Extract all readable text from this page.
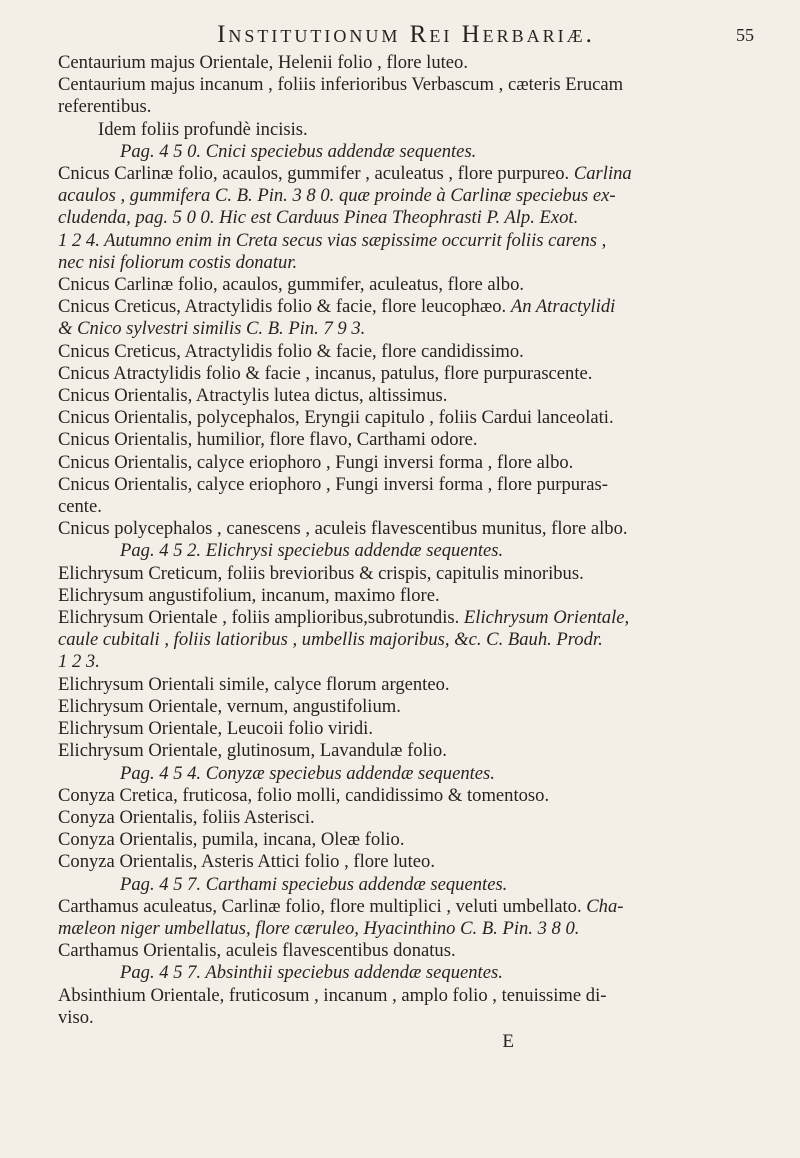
Institutionum Rei Herbariæ.	55
Centaurium majus Orientale, Helenii folio , flore luteo.
Centaurium majus incanum , foliis inferioribus Verbascum , cæteris Erucam
referentibus.
Idem foliis profundè incisis.
Pag. 4 5 0. Cnici speciebus addendæ sequentes.
Cnicus Carlinæ folio, acaulos, gummifer , aculeatus , flore purpureo. Carlina
acaulos , gummifera C. B. Pin. 3 8 0. quæ proinde à Carlinæ speciebus ex-
cludenda, pag. 5 0 0. Hic est Carduus Pinea Theophrasti P. Alp. Exot.
1 2 4. Autumno enim in Creta secus vias sæpissime occurrit foliis carens ,
nec nisi foliorum costis donatur.
Cnicus Carlinæ folio, acaulos, gummifer, aculeatus, flore albo.
Cnicus Creticus, Atractylidis folio & facie, flore leucophæo. An Atractylidi
& Cnico sylvestri similis C. B. Pin. 7 9 3.
Cnicus Creticus, Atractylidis folio & facie, flore candidissimo.
Cnicus Atractylidis folio & facie , incanus, patulus, flore purpurascente.
Cnicus Orientalis, Atractylis lutea dictus, altissimus.
Cnicus Orientalis, polycephalos, Eryngii capitulo , foliis Cardui lanceolati.
Cnicus Orientalis, humilior, flore flavo, Carthami odore.
Cnicus Orientalis, calyce eriophoro , Fungi inversi forma , flore albo.
Cnicus Orientalis, calyce eriophoro , Fungi inversi forma , flore purpuras-
cente.
Cnicus polycephalos , canescens , aculeis flavescentibus munitus, flore albo.
Pag. 4 5 2. Elichrysi speciebus addendæ sequentes.
Elichrysum Creticum, foliis brevioribus & crispis, capitulis minoribus.
Elichrysum angustifolium, incanum, maximo flore.
Elichrysum Orientale , foliis amplioribus,subrotundis. Elichrysum Orientale,
caule cubitali , foliis latioribus , umbellis majoribus, &c. C. Bauh. Prodr.
1 2 3.
Elichrysum Orientali simile, calyce florum argenteo.
Elichrysum Orientale, vernum, angustifolium.
Elichrysum Orientale, Leucoii folio viridi.
Elichrysum Orientale, glutinosum, Lavandulæ folio.
Pag. 4 5 4. Conyzæ speciebus addendæ sequentes.
Conyza Cretica, fruticosa, folio molli, candidissimo & tomentoso.
Conyza Orientalis, foliis Asterisci.
Conyza Orientalis, pumila, incana, Oleæ folio.
Conyza Orientalis, Asteris Attici folio , flore luteo.
Pag. 4 5 7. Carthami speciebus addendæ sequentes.
Carthamus aculeatus, Carlinæ folio, flore multiplici , veluti umbellato. Cha-
mæleon niger umbellatus, flore cæruleo, Hyacinthino C. B. Pin. 3 8 0.
Carthamus Orientalis, aculeis flavescentibus donatus.
Pag. 4 5 7. Absinthii speciebus addendæ sequentes.
Absinthium Orientale, fruticosum , incanum , amplo folio , tenuissime di-
viso.
E
